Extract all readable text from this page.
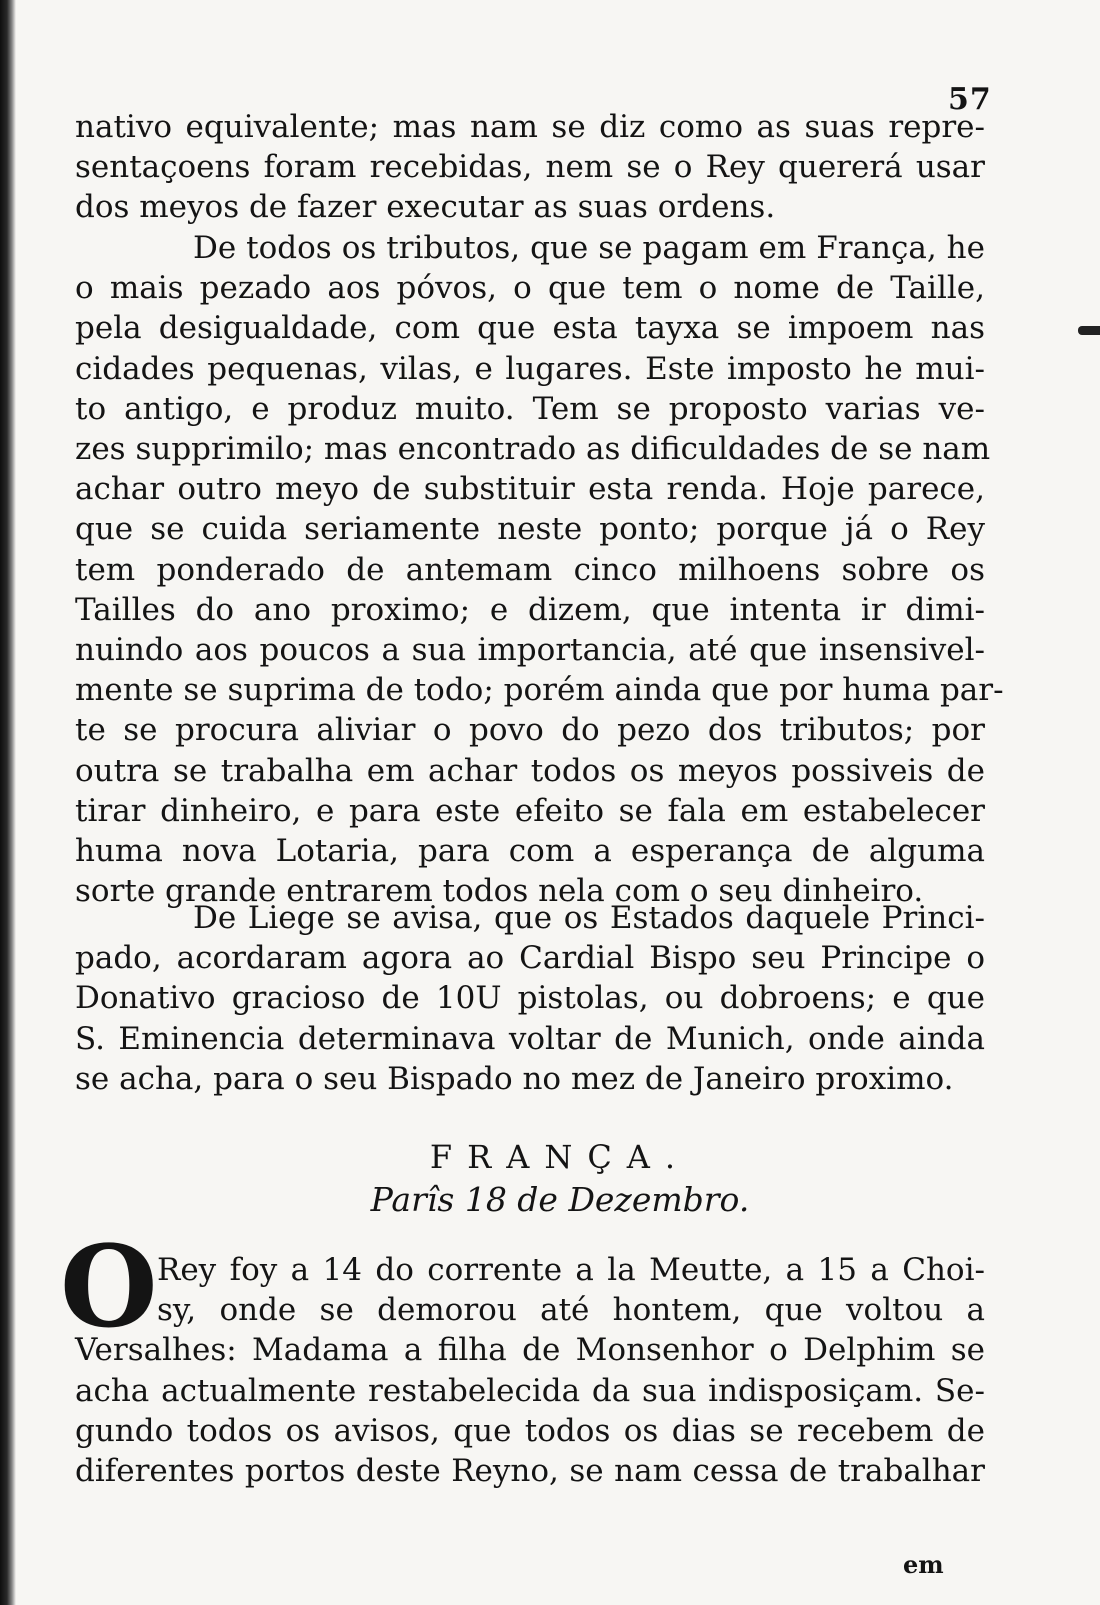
57
nativo equivalente; mas nam se diz como as suas repre-
sentaçoens foram recebidas, nem se o Rey quererá usar
dos meyos de fazer executar as suas ordens.
De todos os tributos, que se pagam em França, he
o mais pezado aos póvos, o que tem o nome de Taille,
pela desigualdade, com que esta tayxa se impoem nas
cidades pequenas, vilas, e lugares. Este imposto he mui-
to antigo, e produz muito. Tem se proposto varias ve-
zes supprimilo; mas encontrado as dificuldades de se nam
achar outro meyo de substituir esta renda. Hoje parece,
que se cuida seriamente neste ponto; porque já o Rey
tem ponderado de antemam cinco milhoens sobre os
Tailles do ano proximo; e dizem, que intenta ir dimi-
nuindo aos poucos a sua importancia, até que insensivel-
mente se suprima de todo; porém ainda que por huma par-
te se procura aliviar o povo do pezo dos tributos; por
outra se trabalha em achar todos os meyos possiveis de
tirar dinheiro, e para este efeito se fala em estabelecer
huma nova Lotaria, para com a esperança de alguma
sorte grande entrarem todos nela com o seu dinheiro.
De Liege se avisa, que os Estados daquele Princi-
pado, acordaram agora ao Cardial Bispo seu Principe o
Donativo gracioso de 10U pistolas, ou dobroens; e que
S. Eminencia determinava voltar de Munich, onde ainda
se acha, para o seu Bispado no mez de Janeiro proximo.
FRANÇA.
Parîs 18 de Dezembro.
O Rey foy a 14 do corrente a la Meutte, a 15 a Choi-
sy, onde se demorou até hontem, que voltou a
Versalhes: Madama a filha de Monsenhor o Delphim se
acha actualmente restabelecida da sua indisposiçam. Se-
gundo todos os avisos, que todos os dias se recebem de
diferentes portos deste Reyno, se nam cessa de trabalhar
em
